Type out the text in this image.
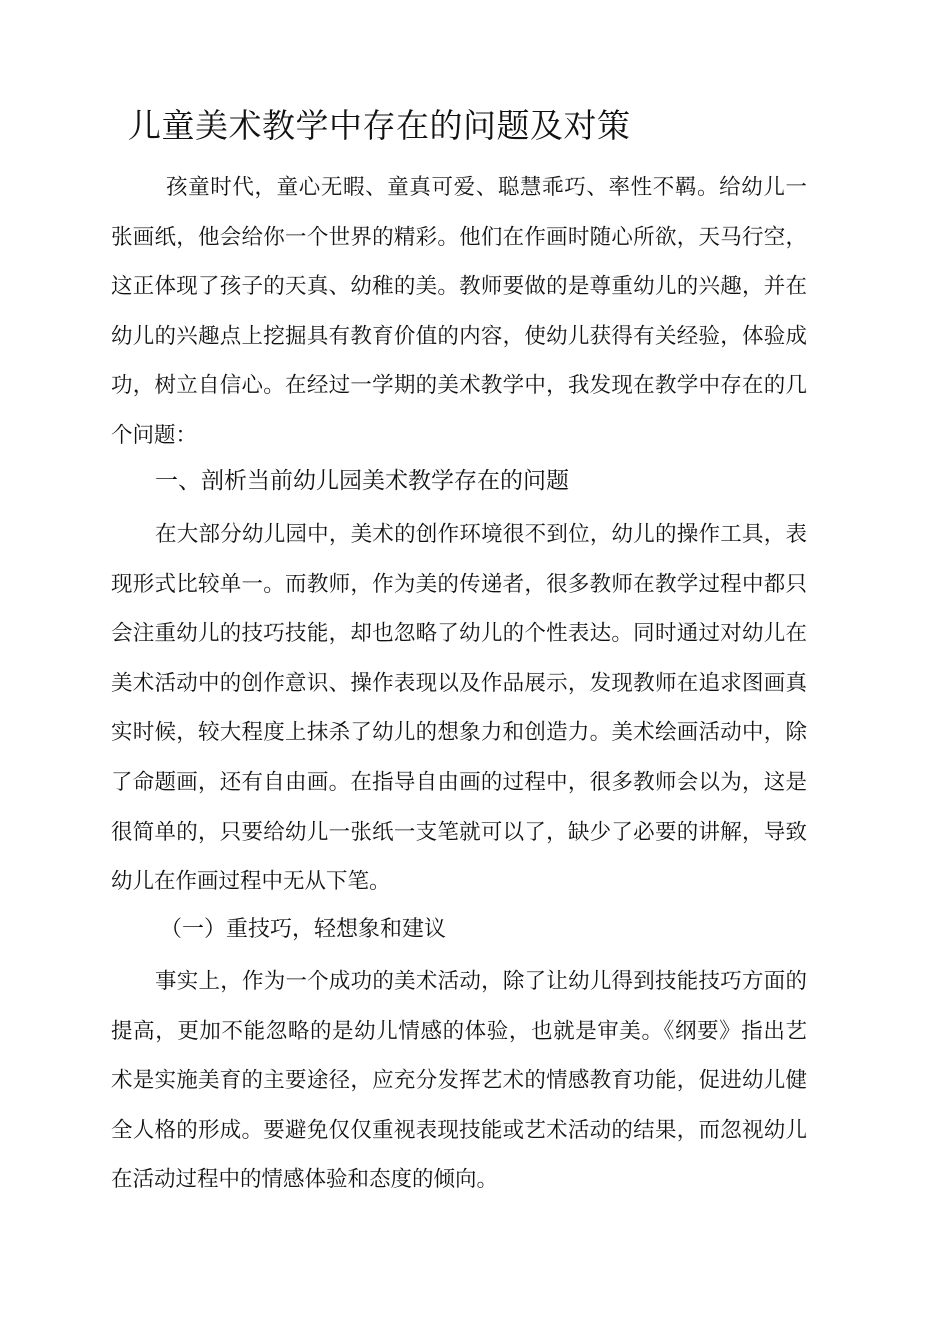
儿童美术教学中存在的问题及对策

孩童时代，童心无暇、童真可爱、聪慧乖巧、率性不羁。给幼儿一张画纸，他会给你一个世界的精彩。他们在作画时随心所欲，天马行空，这正体现了孩子的天真、幼稚的美。教师要做的是尊重幼儿的兴趣，并在幼儿的兴趣点上挖掘具有教育价值的内容，使幼儿获得有关经验，体验成功，树立自信心。在经过一学期的美术教学中，我发现在教学中存在的几个问题：

一、剖析当前幼儿园美术教学存在的问题

在大部分幼儿园中，美术的创作环境很不到位，幼儿的操作工具，表现形式比较单一。而教师，作为美的传递者，很多教师在教学过程中都只会注重幼儿的技巧技能，却也忽略了幼儿的个性表达。同时通过对幼儿在美术活动中的创作意识、操作表现以及作品展示，发现教师在追求图画真实时候，较大程度上抹杀了幼儿的想象力和创造力。美术绘画活动中，除了命题画，还有自由画。在指导自由画的过程中，很多教师会以为，这是很简单的，只要给幼儿一张纸一支笔就可以了，缺少了必要的讲解，导致幼儿在作画过程中无从下笔。

（一）重技巧，轻想象和建议

事实上，作为一个成功的美术活动，除了让幼儿得到技能技巧方面的提高，更加不能忽略的是幼儿情感的体验，也就是审美。《纲要》指出艺术是实施美育的主要途径，应充分发挥艺术的情感教育功能，促进幼儿健全人格的形成。要避免仅仅重视表现技能或艺术活动的结果，而忽视幼儿在活动过程中的情感体验和态度的倾向。
